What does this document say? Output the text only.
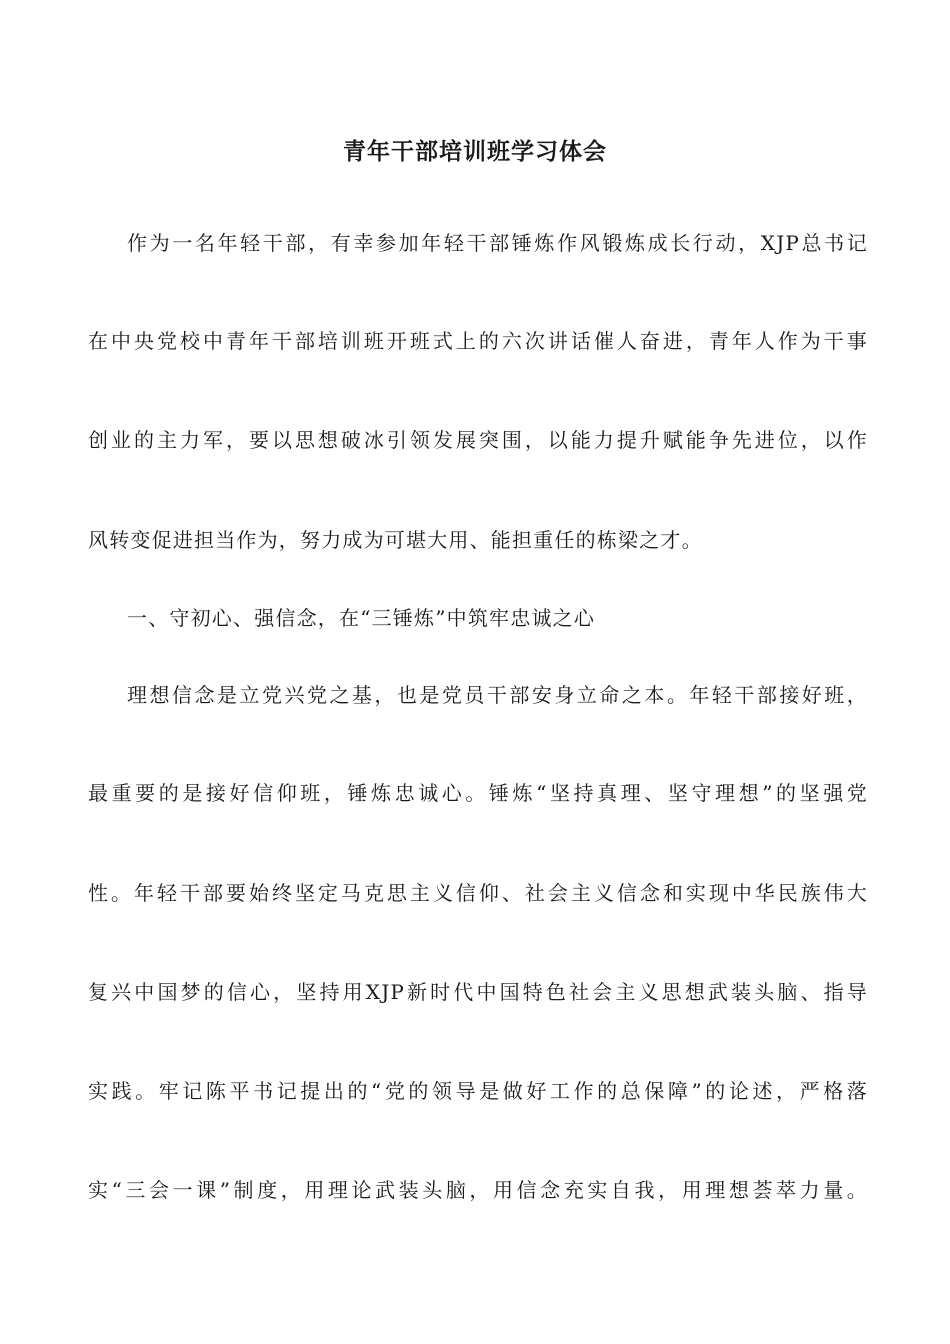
青年干部培训班学习体会
作为一名年轻干部，有幸参加年轻干部锤炼作风锻炼成长行动，XJP总书记
在中央党校中青年干部培训班开班式上的六次讲话催人奋进，青年人作为干事
创业的主力军，要以思想破冰引领发展突围，以能力提升赋能争先进位，以作
风转变促进担当作为，努力成为可堪大用、能担重任的栋梁之才。
一、守初心、强信念，在“三锤炼”中筑牢忠诚之心
理想信念是立党兴党之基，也是党员干部安身立命之本。年轻干部接好班，
最重要的是接好信仰班，锤炼忠诚心。锤炼“坚持真理、坚守理想”的坚强党
性。年轻干部要始终坚定马克思主义信仰、社会主义信念和实现中华民族伟大
复兴中国梦的信心，坚持用XJP新时代中国特色社会主义思想武装头脑、指导
实践。牢记陈平书记提出的“党的领导是做好工作的总保障”的论述，严格落
实“三会一课”制度，用理论武装头脑，用信念充实自我，用理想荟萃力量。
